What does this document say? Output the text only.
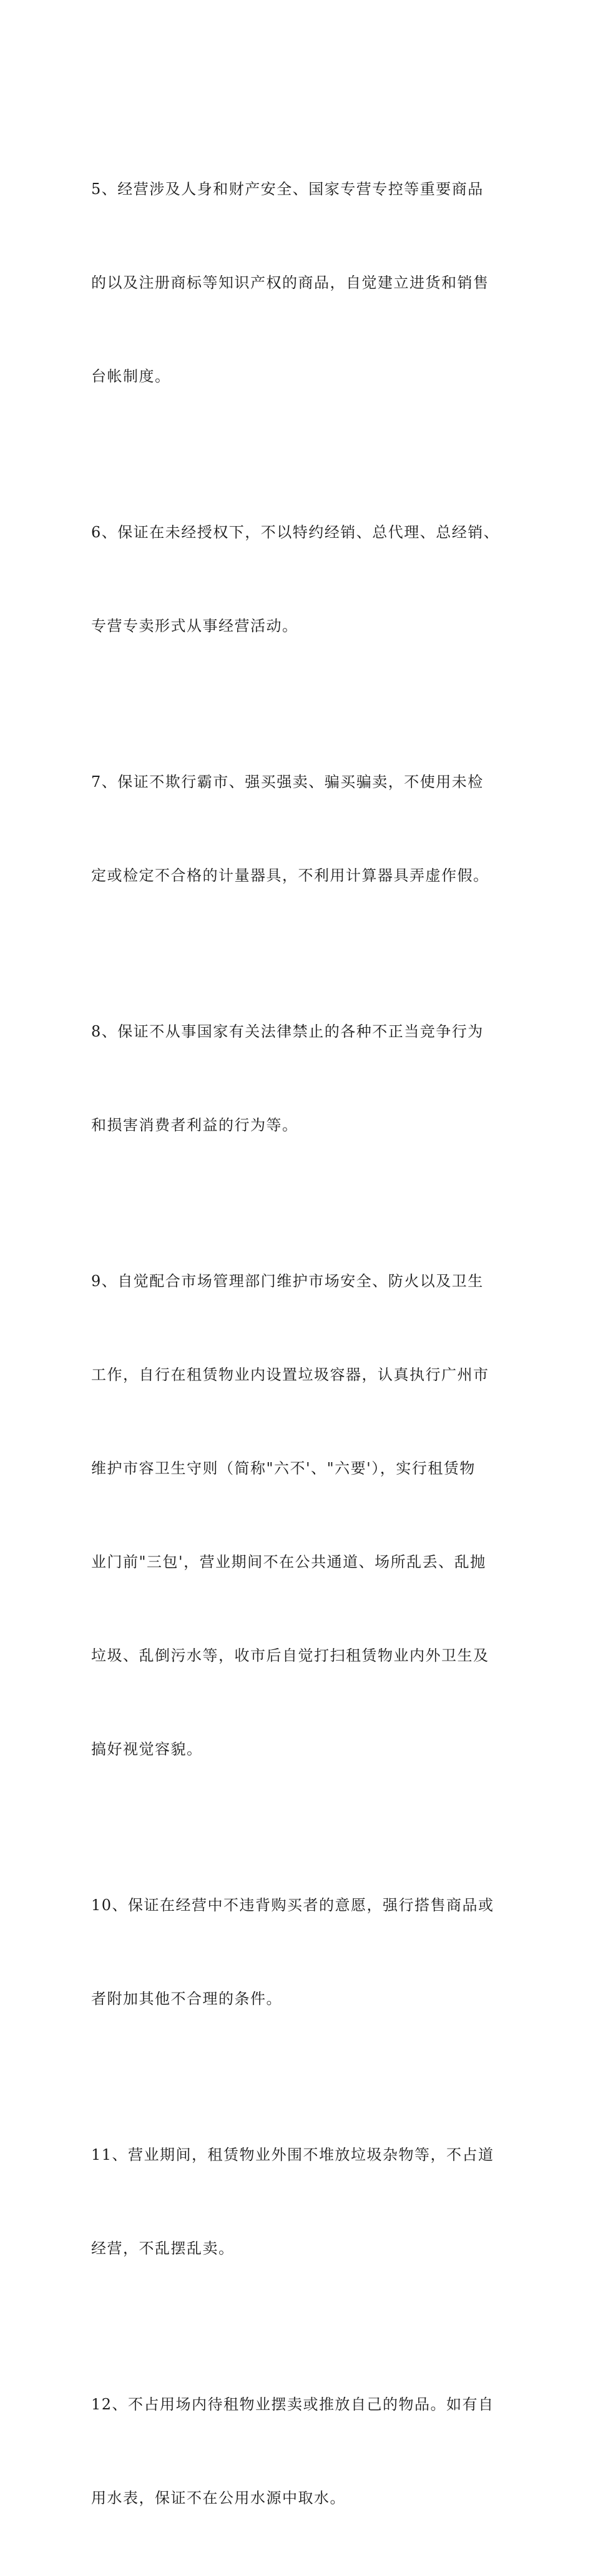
5、经营涉及人身和财产安全、国家专营专控等重要商品

的以及注册商标等知识产权的商品，自觉建立进货和销售

台帐制度。

6、保证在未经授权下，不以特约经销、总代理、总经销、

专营专卖形式从事经营活动。

7、保证不欺行霸市、强买强卖、骗买骗卖，不使用未检

定或检定不合格的计量器具，不利用计算器具弄虚作假。

8、保证不从事国家有关法律禁止的各种不正当竞争行为

和损害消费者利益的行为等。

9、自觉配合市场管理部门维护市场安全、防火以及卫生

工作，自行在租赁物业内设置垃圾容器，认真执行广州市

维护市容卫生守则（简称"六不'、"六要'），实行租赁物

业门前"三包'，营业期间不在公共通道、场所乱丢、乱抛

垃圾、乱倒污水等，收市后自觉打扫租赁物业内外卫生及

搞好视觉容貌。

10、保证在经营中不违背购买者的意愿，强行搭售商品或

者附加其他不合理的条件。

11、营业期间，租赁物业外围不堆放垃圾杂物等，不占道

经营，不乱摆乱卖。

12、不占用场内待租物业摆卖或推放自己的物品。如有自

用水表，保证不在公用水源中取水。
